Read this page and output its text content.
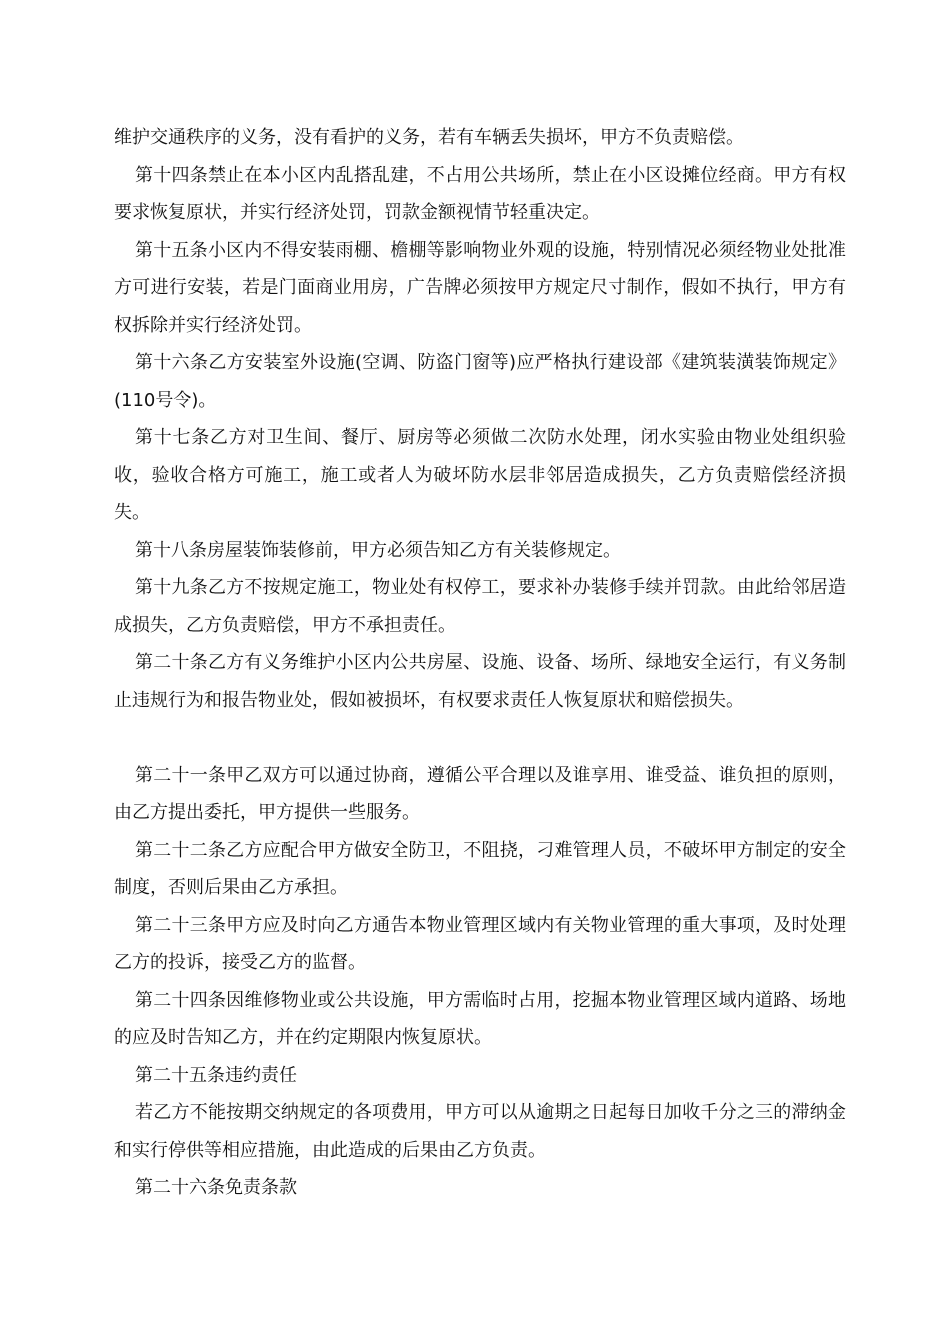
维护交通秩序的义务，没有看护的义务，若有车辆丢失损坏，甲方不负责赔偿。

第十四条禁止在本小区内乱搭乱建，不占用公共场所，禁止在小区设摊位经商。甲方有权要求恢复原状，并实行经济处罚，罚款金额视情节轻重决定。

第十五条小区内不得安装雨棚、檐棚等影响物业外观的设施，特别情况必须经物业处批准方可进行安装，若是门面商业用房，广告牌必须按甲方规定尺寸制作，假如不执行，甲方有权拆除并实行经济处罚。

第十六条乙方安装室外设施(空调、防盗门窗等)应严格执行建设部《建筑装潢装饰规定》(110号令)。

第十七条乙方对卫生间、餐厅、厨房等必须做二次防水处理，闭水实验由物业处组织验收，验收合格方可施工，施工或者人为破坏防水层非邻居造成损失，乙方负责赔偿经济损失。

第十八条房屋装饰装修前，甲方必须告知乙方有关装修规定。

第十九条乙方不按规定施工，物业处有权停工，要求补办装修手续并罚款。由此给邻居造成损失，乙方负责赔偿，甲方不承担责任。

第二十条乙方有义务维护小区内公共房屋、设施、设备、场所、绿地安全运行，有义务制止违规行为和报告物业处，假如被损坏，有权要求责任人恢复原状和赔偿损失。

第二十一条甲乙双方可以通过协商，遵循公平合理以及谁享用、谁受益、谁负担的原则，由乙方提出委托，甲方提供一些服务。

第二十二条乙方应配合甲方做安全防卫，不阻挠，刁难管理人员，不破坏甲方制定的安全制度，否则后果由乙方承担。

第二十三条甲方应及时向乙方通告本物业管理区域内有关物业管理的重大事项，及时处理乙方的投诉，接受乙方的监督。

第二十四条因维修物业或公共设施，甲方需临时占用，挖掘本物业管理区域内道路、场地的应及时告知乙方，并在约定期限内恢复原状。

第二十五条违约责任

若乙方不能按期交纳规定的各项费用，甲方可以从逾期之日起每日加收千分之三的滞纳金和实行停供等相应措施，由此造成的后果由乙方负责。

第二十六条免责条款
